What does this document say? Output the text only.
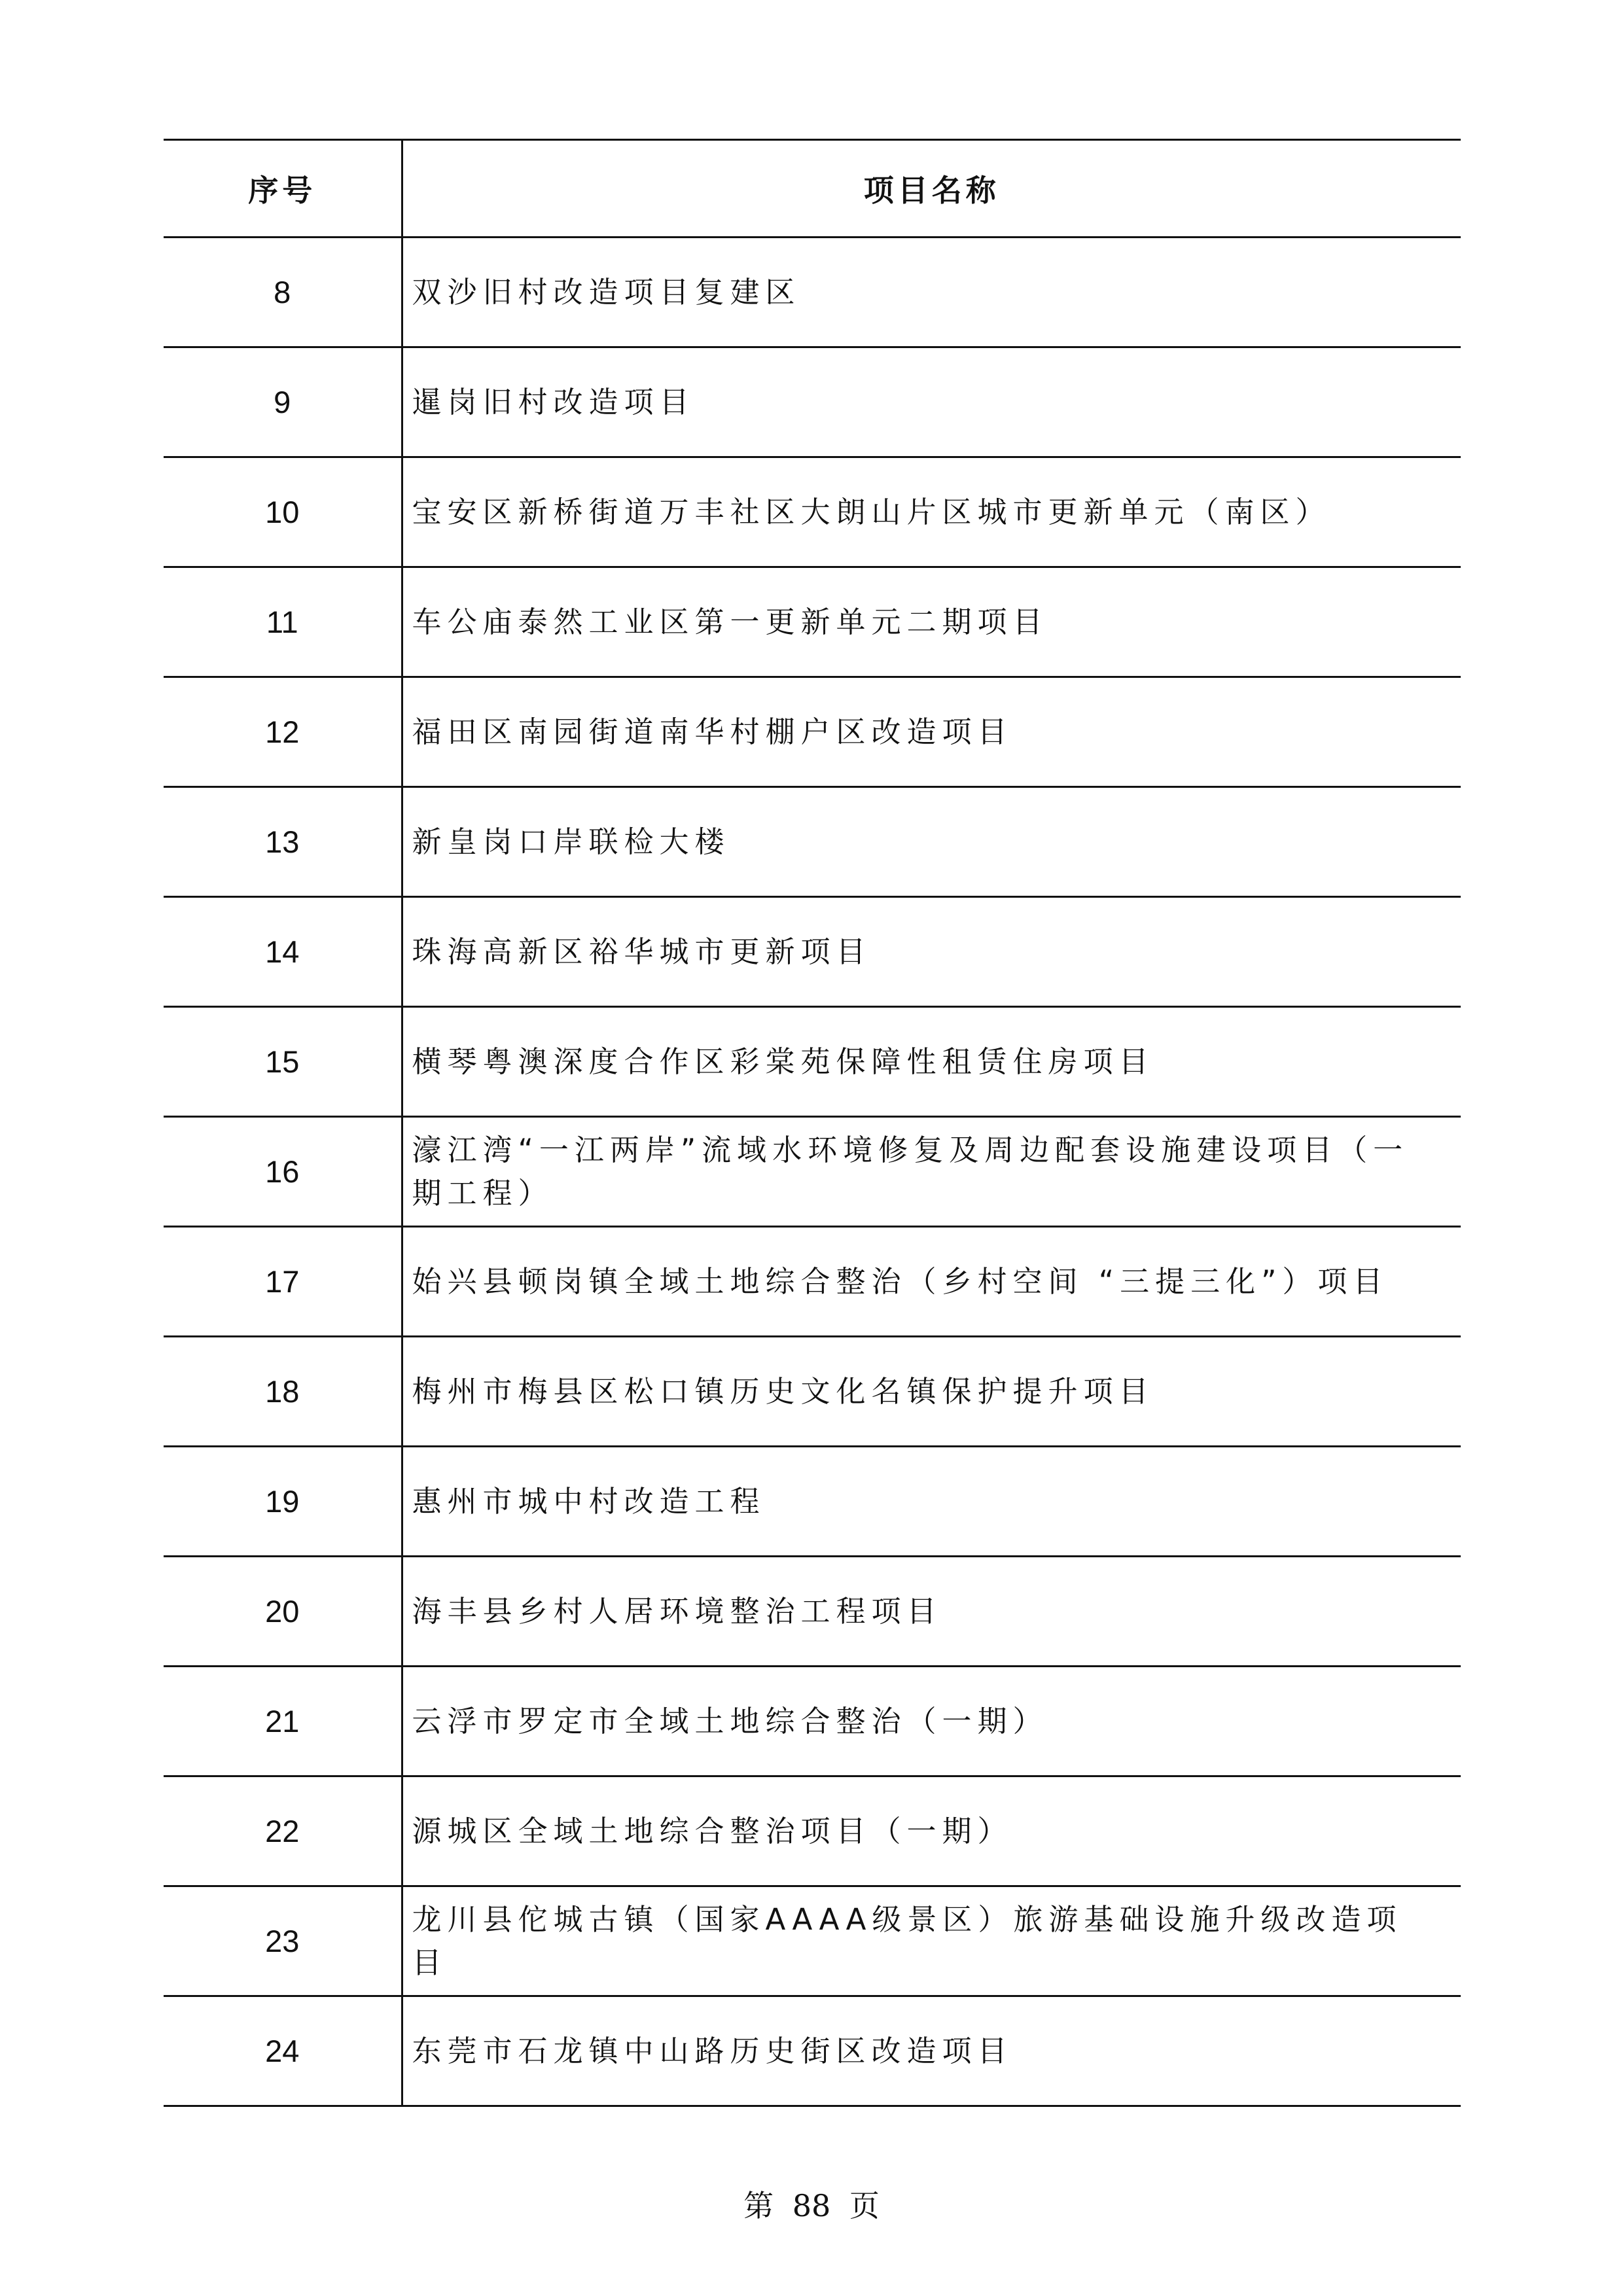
序号	项目名称
8	双沙旧村改造项目复建区
9	暹岗旧村改造项目
10	宝安区新桥街道万丰社区大朗山片区城市更新单元（南区）
11	车公庙泰然工业区第一更新单元二期项目
12	福田区南园街道南华村棚户区改造项目
13	新皇岗口岸联检大楼
14	珠海高新区裕华城市更新项目
15	横琴粤澳深度合作区彩棠苑保障性租赁住房项目
16	濠江湾“一江两岸”流域水环境修复及周边配套设施建设项目（一期工程）
17	始兴县顿岗镇全域土地综合整治（乡村空间 “三提三化”）项目
18	梅州市梅县区松口镇历史文化名镇保护提升项目
19	惠州市城中村改造工程
20	海丰县乡村人居环境整治工程项目
21	云浮市罗定市全域土地综合整治（一期）
22	源城区全域土地综合整治项目（一期）
23	龙川县佗城古镇（国家AAAA级景区）旅游基础设施升级改造项目
24	东莞市石龙镇中山路历史街区改造项目
第 88 页
